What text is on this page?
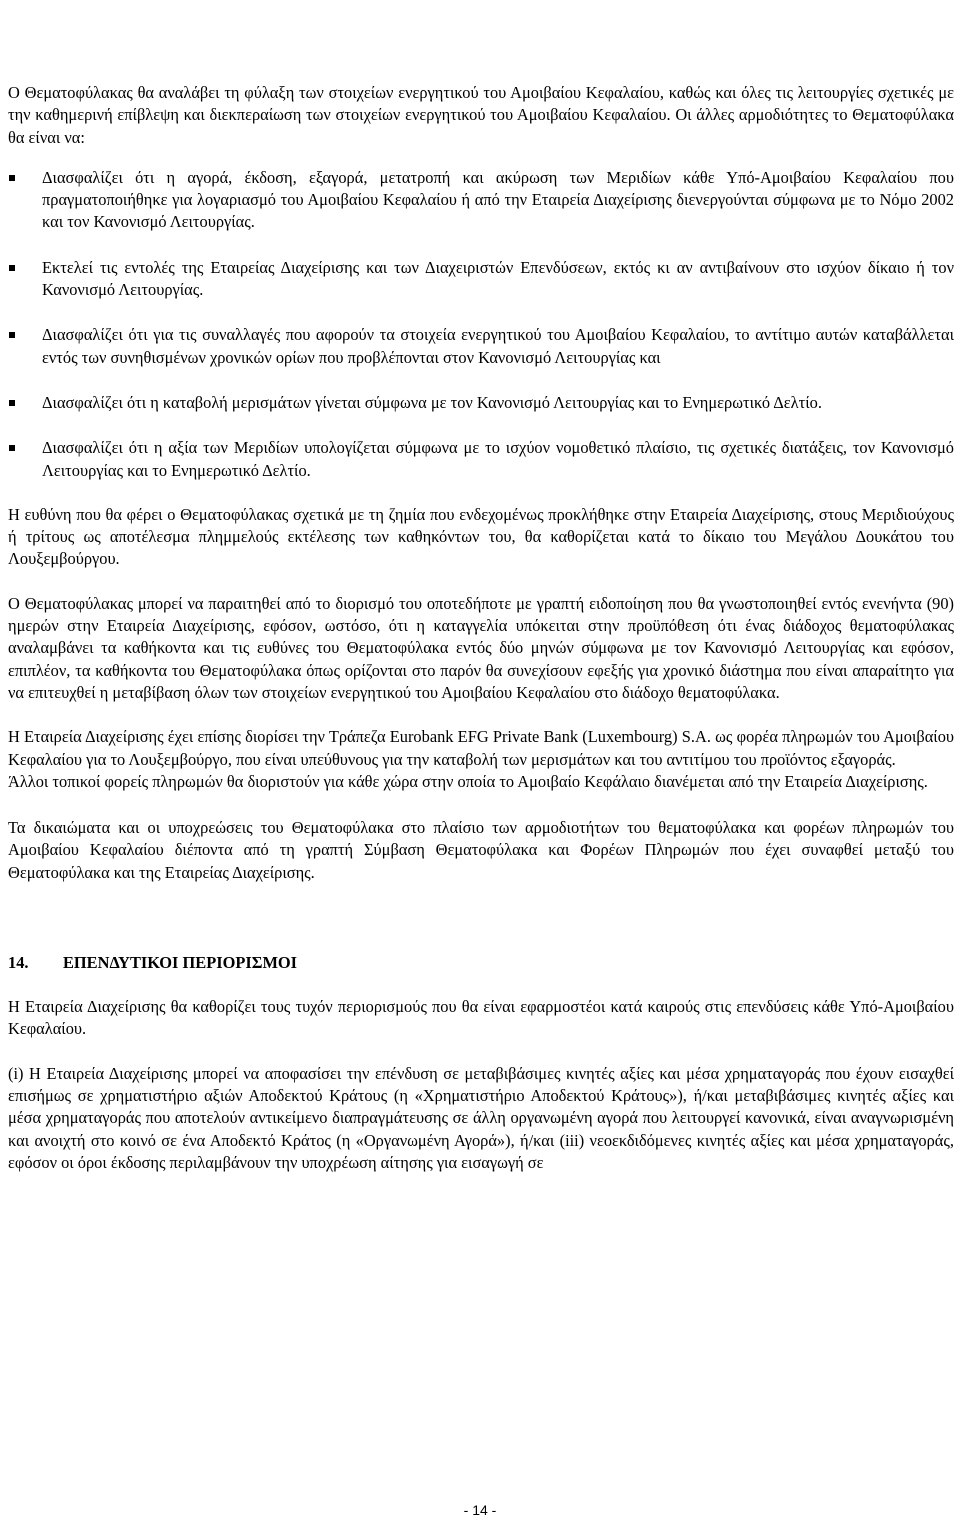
Ο Θεματοφύλακας θα αναλάβει τη φύλαξη των στοιχείων ενεργητικού του Αμοιβαίου Κεφαλαίου, καθώς και όλες τις λειτουργίες σχετικές με την καθημερινή επίβλεψη και διεκπεραίωση των στοιχείων ενεργητικού του Αμοιβαίου Κεφαλαίου. Οι άλλες αρμοδιότητες το Θεματοφύλακα θα είναι να:

Διασφαλίζει ότι η αγορά, έκδοση, εξαγορά, μετατροπή και ακύρωση των Μεριδίων κάθε Υπό-Αμοιβαίου Κεφαλαίου που πραγματοποιήθηκε για λογαριασμό του Αμοιβαίου Κεφαλαίου ή από την Εταιρεία Διαχείρισης διενεργούνται σύμφωνα με το Νόμο 2002 και τον Κανονισμό Λειτουργίας.

Εκτελεί τις εντολές της Εταιρείας Διαχείρισης και των Διαχειριστών Επενδύσεων, εκτός κι αν αντιβαίνουν στο ισχύον δίκαιο ή τον Κανονισμό Λειτουργίας.

Διασφαλίζει ότι για τις συναλλαγές που αφορούν τα στοιχεία ενεργητικού του Αμοιβαίου Κεφαλαίου, το αντίτιμο αυτών καταβάλλεται εντός των συνηθισμένων χρονικών ορίων που προβλέπονται στον Κανονισμό Λειτουργίας και

Διασφαλίζει ότι η καταβολή μερισμάτων γίνεται σύμφωνα με τον Κανονισμό Λειτουργίας και το Ενημερωτικό Δελτίο.

Διασφαλίζει ότι η αξία των Μεριδίων υπολογίζεται σύμφωνα με το ισχύον νομοθετικό πλαίσιο, τις σχετικές διατάξεις, τον Κανονισμό Λειτουργίας και το Ενημερωτικό Δελτίο.

Η ευθύνη που θα φέρει ο Θεματοφύλακας σχετικά με τη ζημία που ενδεχομένως προκλήθηκε στην Εταιρεία Διαχείρισης, στους Μεριδιούχους ή τρίτους ως αποτέλεσμα πλημμελούς εκτέλεσης των καθηκόντων του, θα καθορίζεται κατά το δίκαιο του Μεγάλου Δουκάτου του Λουξεμβούργου.

Ο Θεματοφύλακας μπορεί να παραιτηθεί από το διορισμό του οποτεδήποτε με γραπτή ειδοποίηση που θα γνωστοποιηθεί εντός ενενήντα (90) ημερών στην Εταιρεία Διαχείρισης, εφόσον, ωστόσο, ότι η καταγγελία υπόκειται στην προϋπόθεση ότι ένας διάδοχος θεματοφύλακας αναλαμβάνει τα καθήκοντα και τις ευθύνες του Θεματοφύλακα εντός δύο μηνών σύμφωνα με τον Κανονισμό Λειτουργίας και εφόσον, επιπλέον, τα καθήκοντα του Θεματοφύλακα όπως ορίζονται στο παρόν θα συνεχίσουν εφεξής για χρονικό διάστημα που είναι απαραίτητο για να επιτευχθεί η μεταβίβαση όλων των στοιχείων ενεργητικού του Αμοιβαίου Κεφαλαίου στο διάδοχο θεματοφύλακα.

Η Εταιρεία Διαχείρισης έχει επίσης διορίσει την Τράπεζα Eurobank EFG Private Bank (Luxembourg) S.A. ως φορέα πληρωμών του Αμοιβαίου Κεφαλαίου για το Λουξεμβούργο, που είναι υπεύθυνους για την καταβολή των μερισμάτων και του αντιτίμου του προϊόντος εξαγοράς.

Άλλοι τοπικοί φορείς πληρωμών θα διοριστούν για κάθε χώρα στην οποία το Αμοιβαίο Κεφάλαιο διανέμεται από την Εταιρεία Διαχείρισης.

Τα δικαιώματα και οι υποχρεώσεις του Θεματοφύλακα στο πλαίσιο των αρμοδιοτήτων του θεματοφύλακα και φορέων πληρωμών του Αμοιβαίου Κεφαλαίου διέποντα από τη γραπτή Σύμβαση Θεματοφύλακα και Φορέων Πληρωμών που έχει συναφθεί μεταξύ του Θεματοφύλακα και της Εταιρείας Διαχείρισης.

14. ΕΠΕΝΔΥΤΙΚΟΙ ΠΕΡΙΟΡΙΣΜΟΙ

Η Εταιρεία Διαχείρισης θα καθορίζει τους τυχόν περιορισμούς που θα είναι εφαρμοστέοι κατά καιρούς στις επενδύσεις κάθε Υπό-Αμοιβαίου Κεφαλαίου.

(i) Η Εταιρεία Διαχείρισης μπορεί να αποφασίσει την επένδυση σε μεταβιβάσιμες κινητές αξίες και μέσα χρηματαγοράς που έχουν εισαχθεί επισήμως σε χρηματιστήριο αξιών Αποδεκτού Κράτους (η «Χρηματιστήριο Αποδεκτού Κράτους»), ή/και μεταβιβάσιμες κινητές αξίες και μέσα χρηματαγοράς που αποτελούν αντικείμενο διαπραγμάτευσης σε άλλη οργανωμένη αγορά που λειτουργεί κανονικά, είναι αναγνωρισμένη και ανοιχτή στο κοινό σε ένα Αποδεκτό Κράτος (η «Οργανωμένη Αγορά»), ή/και (iii) νεοεκδιδόμενες κινητές αξίες και μέσα χρηματαγοράς, εφόσον οι όροι έκδοσης περιλαμβάνουν την υποχρέωση αίτησης για εισαγωγή σε

- 14 -
